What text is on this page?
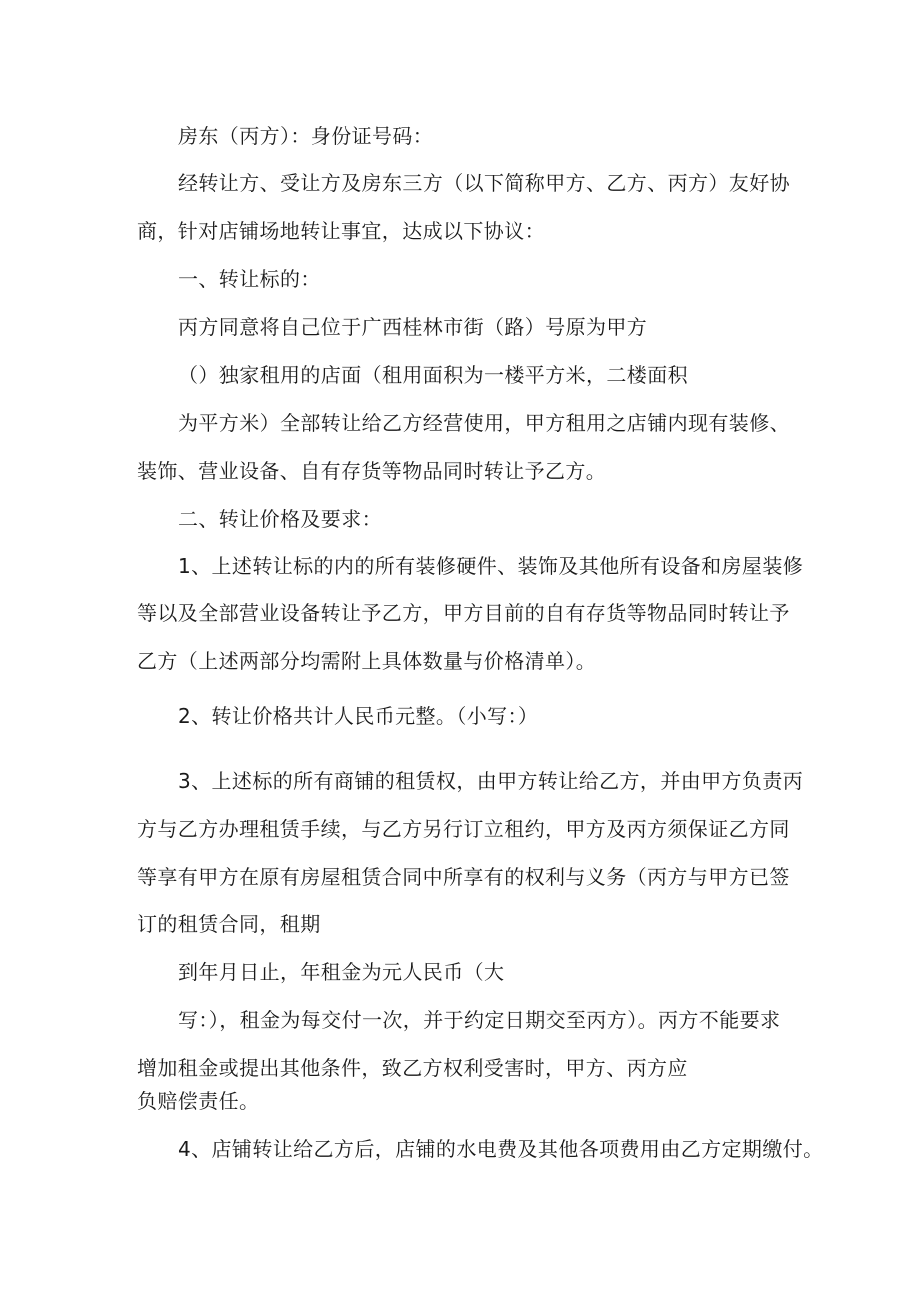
房东（丙方）：身份证号码：
经转让方、受让方及房东三方（以下简称甲方、乙方、丙方）友好协
商，针对店铺场地转让事宜，达成以下协议：
一、转让标的：
丙方同意将自己位于广西桂林市街（路）号原为甲方
（）独家租用的店面（租用面积为一楼平方米，二楼面积
为平方米）全部转让给乙方经营使用，甲方租用之店铺内现有装修、
装饰、营业设备、自有存货等物品同时转让予乙方。
二、转让价格及要求：
1、上述转让标的内的所有装修硬件、装饰及其他所有设备和房屋装修
等以及全部营业设备转让予乙方，甲方目前的自有存货等物品同时转让予
乙方（上述两部分均需附上具体数量与价格清单）。
2、转让价格共计人民币元整。（小写：）
3、上述标的所有商铺的租赁权，由甲方转让给乙方，并由甲方负责丙
方与乙方办理租赁手续，与乙方另行订立租约，甲方及丙方须保证乙方同
等享有甲方在原有房屋租赁合同中所享有的权利与义务（丙方与甲方已签
订的租赁合同，租期
到年月日止，年租金为元人民币（大
写：），租金为每交付一次，并于约定日期交至丙方）。丙方不能要求
增加租金或提出其他条件，致乙方权利受害时，甲方、丙方应
负赔偿责任。
4、店铺转让给乙方后，店铺的水电费及其他各项费用由乙方定期缴付。
